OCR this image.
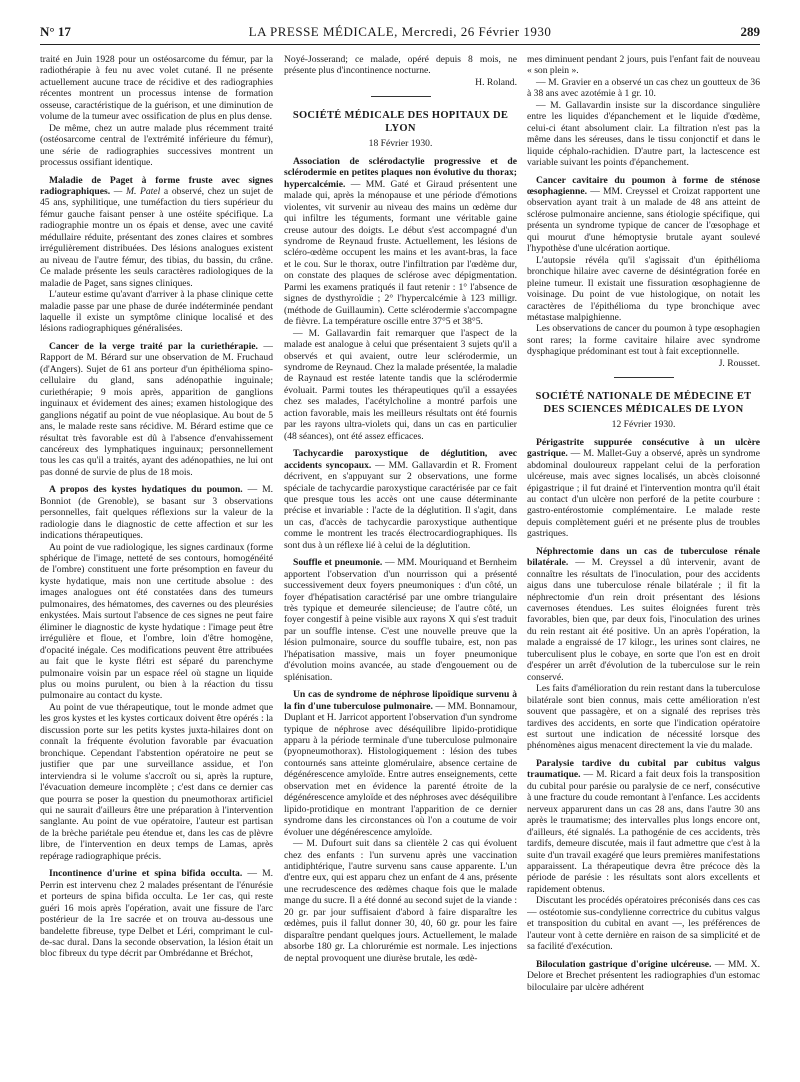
N° 17	LA PRESSE MÉDICALE, Mercredi, 26 Février 1930	289

traité en Juin 1928 pour un ostéosarcome du fémur, par la radiothérapie à feu nu avec volet cutané. Il ne présente actuellement aucune trace de récidive et des radiographies récentes montrent un processus intense de formation osseuse, caractéristique de la guérison, et une diminution de volume de la tumeur avec ossification de plus en plus dense.

De même, chez un autre malade plus récemment traité (ostéosarcome central de l'extrémité inférieure du fémur), une série de radiographies successives montrent un processus ossifiant identique.

Maladie de Paget à forme fruste avec signes radiographiques. — M. Patel a observé, chez un sujet de 45 ans, syphilitique, une tuméfaction du tiers supérieur du fémur gauche faisant penser à une ostéite spécifique. La radiographie montre un os épais et dense, avec une cavité médullaire réduite, présentant des zones claires et sombres irrégulièrement distribuées. Des lésions analogues existent au niveau de l'autre fémur, des tibias, du bassin, du crâne. Ce malade présente les seuls caractères radiologiques de la maladie de Paget, sans signes cliniques.

L'auteur estime qu'avant d'arriver à la phase clinique cette maladie passe par une phase de durée indéterminée pendant laquelle il existe un symptôme clinique localisé et des lésions radiographiques généralisées.

Cancer de la verge traité par la curiethérapie. — Rapport de M. Bérard sur une observation de M. Fruchaud (d'Angers). Sujet de 61 ans porteur d'un épithélioma spino-cellulaire du gland, sans adénopathie inguinale; curiethérapie; 9 mois après, apparition de ganglions inguinaux et évidement des aines; examen histologique des ganglions négatif au point de vue néoplasique. Au bout de 5 ans, le malade reste sans récidive. M. Bérard estime que ce résultat très favorable est dû à l'absence d'envahissement cancéreux des lymphatiques inguinaux; personnellement tous les cas qu'il a traités, ayant des adénopathies, ne lui ont pas donné de survie de plus de 18 mois.

A propos des kystes hydatiques du poumon. — M. Bonniot (de Grenoble), se basant sur 3 observations personnelles, fait quelques réflexions sur la valeur de la radiologie dans le diagnostic de cette affection et sur les indications thérapeutiques.

Au point de vue radiologique, les signes cardinaux (forme sphérique de l'image, netteté de ses contours, homogénéité de l'ombre) constituent une forte présomption en faveur du kyste hydatique, mais non une certitude absolue : des images analogues ont été constatées dans des tumeurs pulmonaires, des hématomes, des cavernes ou des pleurésies enkystées. Mais surtout l'absence de ces signes ne peut faire éliminer le diagnostic de kyste hydatique : l'image peut être irrégulière et floue, et l'ombre, loin d'être homogène, d'opacité inégale. Ces modifications peuvent être attribuées au fait que le kyste flétri est séparé du parenchyme pulmonaire voisin par un espace réel où stagne un liquide plus ou moins purulent, ou bien à la réaction du tissu pulmonaire au contact du kyste.

Au point de vue thérapeutique, tout le monde admet que les gros kystes et les kystes corticaux doivent être opérés : la discussion porte sur les petits kystes juxta-hilaires dont on connaît la fréquente évolution favorable par évacuation bronchique. Cependant l'abstention opératoire ne peut se justifier que par une surveillance assidue, et l'on interviendra si le volume s'accroît ou si, après la rupture, l'évacuation demeure incomplète ; c'est dans ce dernier cas que pourra se poser la question du pneumothorax artificiel qui ne saurait d'ailleurs être une préparation à l'intervention sanglante. Au point de vue opératoire, l'auteur est partisan de la brèche pariétale peu étendue et, dans les cas de plèvre libre, de l'intervention en deux temps de Lamas, après repérage radiographique précis.

Incontinence d'urine et spina bifida occulta. — M. Perrin est intervenu chez 2 malades présentant de l'énurésie et porteurs de spina bifida occulta. Le 1er cas, qui reste guéri 16 mois après l'opération, avait une fissure de l'arc postérieur de la 1re sacrée et on trouva au-dessous une bandelette fibreuse, type Delbet et Léri, comprimant le cul-de-sac dural. Dans la seconde observation, la lésion était un bloc fibreux du type décrit par Ombrédanne et Bréchot,

Noyé-Josserand; ce malade, opéré depuis 8 mois, ne présente plus d'incontinence nocturne.

H. Roland.

SOCIÉTÉ MÉDICALE DES HOPITAUX DE LYON

18 Février 1930.

Association de sclérodactylie progressive et de sclérodermie en petites plaques non évolutive du thorax; hypercalcémie. — MM. Gaté et Giraud présentent une malade qui, après la ménopause et une période d'émotions violentes, vit survenir au niveau des mains un œdème dur qui infiltre les téguments, formant une véritable gaine creuse autour des doigts. Le début s'est accompagné d'un syndrome de Reynaud fruste. Actuellement, les lésions de scléro-œdème occupent les mains et les avant-bras, la face et le cou. Sur le thorax, outre l'infiltration par l'œdème dur, on constate des plaques de sclérose avec dépigmentation. Parmi les examens pratiqués il faut retenir : 1° l'absence de signes de dysthyroïdie ; 2° l'hypercalcémie à 123 milligr. (méthode de Guillaumin). Cette sclérodermie s'accompagne de fièvre. La température oscille entre 37°5 et 38°5.

— M. Gallavardin fait remarquer que l'aspect de la malade est analogue à celui que présentaient 3 sujets qu'il a observés et qui avaient, outre leur sclérodermie, un syndrome de Reynaud. Chez la malade présentée, la maladie de Raynaud est restée latente tandis que la sclérodermie évoluait. Parmi toutes les thérapeutiques qu'il a essayées chez ses malades, l'acétylcholine a montré parfois une action favorable, mais les meilleurs résultats ont été fournis par les rayons ultra-violets qui, dans un cas en particulier (48 séances), ont été assez efficaces.

Tachycardie paroxystique de déglutition, avec accidents syncopaux. — MM. Gallavardin et R. Froment décrivent, en s'appuyant sur 2 observations, une forme spéciale de tachycardie paroxystique caractérisée par ce fait que presque tous les accès ont une cause déterminante précise et invariable : l'acte de la déglutition. Il s'agit, dans un cas, d'accès de tachycardie paroxystique authentique comme le montrent les tracés électrocardiographiques. Ils sont dus à un réflexe lié à celui de la déglutition.

Souffle et pneumonie. — MM. Mouriquand et Bernheim apportent l'observation d'un nourrisson qui a présenté successivement deux foyers pneumoniques : d'un côté, un foyer d'hépatisation caractérisé par une ombre triangulaire très typique et demeurée silencieuse; de l'autre côté, un foyer congestif à peine visible aux rayons X qui s'est traduit par un souffle intense. C'est une nouvelle preuve que la lésion pulmonaire, source du souffle tubaire, est, non pas l'hépatisation massive, mais un foyer pneumonique d'évolution moins avancée, au stade d'engouement ou de splénisation.

Un cas de syndrome de néphrose lipoïdique survenu à la fin d'une tuberculose pulmonaire. — MM. Bonnamour, Duplant et H. Jarricot apportent l'observation d'un syndrome typique de néphrose avec déséquilibre lipido-protidique apparu à la période terminale d'une tuberculose pulmonaire (pyopneumothorax). Histologiquement : lésion des tubes contournés sans atteinte glomérulaire, absence certaine de dégénérescence amyloïde. Entre autres enseignements, cette observation met en évidence la parenté étroite de la dégénérescence amyloïde et des néphroses avec déséquilibre lipido-protidique en montrant l'apparition de ce dernier syndrome dans les circonstances où l'on a coutume de voir évoluer une dégénérescence amyloïde.

— M. Dufourt suit dans sa clientèle 2 cas qui évoluent chez des enfants : l'un survenu après une vaccination antidiphtérique, l'autre survenu sans cause apparente. L'un d'entre eux, qui est apparu chez un enfant de 4 ans, présente une recrudescence des œdèmes chaque fois que le malade mange du sucre. Il a été donné au second sujet de la viande : 20 gr. par jour suffisaient d'abord à faire disparaître les œdèmes, puis il fallut donner 30, 40, 60 gr. pour les faire disparaître pendant quelques jours. Actuellement, le malade absorbe 180 gr. La chlorurémie est normale. Les injections de neptal provoquent une diurèse brutale, les œdè-

mes diminuent pendant 2 jours, puis l'enfant fait de nouveau « son plein ».

— M. Gravier en a observé un cas chez un goutteux de 36 à 38 ans avec azotémie à 1 gr. 10.

— M. Gallavardin insiste sur la discordance singulière entre les liquides d'épanchement et le liquide d'œdème, celui-ci étant absolument clair. La filtration n'est pas la même dans les séreuses, dans le tissu conjonctif et dans le liquide céphalo-rachidien. D'autre part, la lactescence est variable suivant les points d'épanchement.

Cancer cavitaire du poumon à forme de sténose œsophagienne. — MM. Creyssel et Croizat rapportent une observation ayant trait à un malade de 48 ans atteint de sclérose pulmonaire ancienne, sans étiologie spécifique, qui présenta un syndrome typique de cancer de l'œsophage et qui mourut d'une hémoptysie brutale ayant soulevé l'hypothèse d'une ulcération aortique.

L'autopsie révéla qu'il s'agissait d'un épithélioma bronchique hilaire avec caverne de désintégration forée en pleine tumeur. Il existait une fissuration œsophagienne de voisinage. Du point de vue histologique, on notait les caractères de l'épithélioma du type bronchique avec métastase malpighienne.

Les observations de cancer du poumon à type œsophagien sont rares; la forme cavitaire hilaire avec syndrome dysphagique prédominant est tout à fait exceptionnelle.

J. Rousset.

SOCIÉTÉ NATIONALE DE MÉDECINE ET DES SCIENCES MÉDICALES DE LYON

12 Février 1930.

Périgastrite suppurée consécutive à un ulcère gastrique. — M. Mallet-Guy a observé, après un syndrome abdominal douloureux rappelant celui de la perforation ulcéreuse, mais avec signes localisés, un abcès cloisonné épigastrique ; il fut drainé et l'intervention montra qu'il était au contact d'un ulcère non perforé de la petite courbure : gastro-entérostomie complémentaire. Le malade reste depuis complètement guéri et ne présente plus de troubles gastriques.

Néphrectomie dans un cas de tuberculose rénale bilatérale. — M. Creyssel a dû intervenir, avant de connaître les résultats de l'inoculation, pour des accidents aigus dans une tuberculose rénale bilatérale ; il fit la néphrectomie d'un rein droit présentant des lésions cavernoses étendues. Les suites éloignées furent très favorables, bien que, par deux fois, l'inoculation des urines du rein restant ait été positive. Un an après l'opération, la malade a engraissé de 17 kilogr., les urines sont claires, ne tuberculisent plus le cobaye, en sorte que l'on est en droit d'espérer un arrêt d'évolution de la tuberculose sur le rein conservé.

Les faits d'amélioration du rein restant dans la tuberculose bilatérale sont bien connus, mais cette amélioration n'est souvent que passagère, et on a signalé des reprises très tardives des accidents, en sorte que l'indication opératoire est surtout une indication de nécessité lorsque des phénomènes aigus menacent directement la vie du malade.

Paralysie tardive du cubital par cubitus valgus traumatique. — M. Ricard a fait deux fois la transposition du cubital pour parésie ou paralysie de ce nerf, consécutive à une fracture du coude remontant à l'enfance. Les accidents nerveux apparurent dans un cas 28 ans, dans l'autre 30 ans après le traumatisme; des intervalles plus longs encore ont, d'ailleurs, été signalés. La pathogénie de ces accidents, très tardifs, demeure discutée, mais il faut admettre que c'est à la suite d'un travail exagéré que leurs premières manifestations apparaissent. La thérapeutique devra être précoce dès la période de parésie : les résultats sont alors excellents et rapidement obtenus.

Discutant les procédés opératoires préconisés dans ces cas — ostéotomie sus-condylienne correctrice du cubitus valgus et transposition du cubital en avant —, les préférences de l'auteur vont à cette dernière en raison de sa simplicité et de sa facilité d'exécution.

Biloculation gastrique d'origine ulcéreuse. — MM. X. Delore et Brechet présentent les radiographies d'un estomac biloculaire par ulcère adhérent
